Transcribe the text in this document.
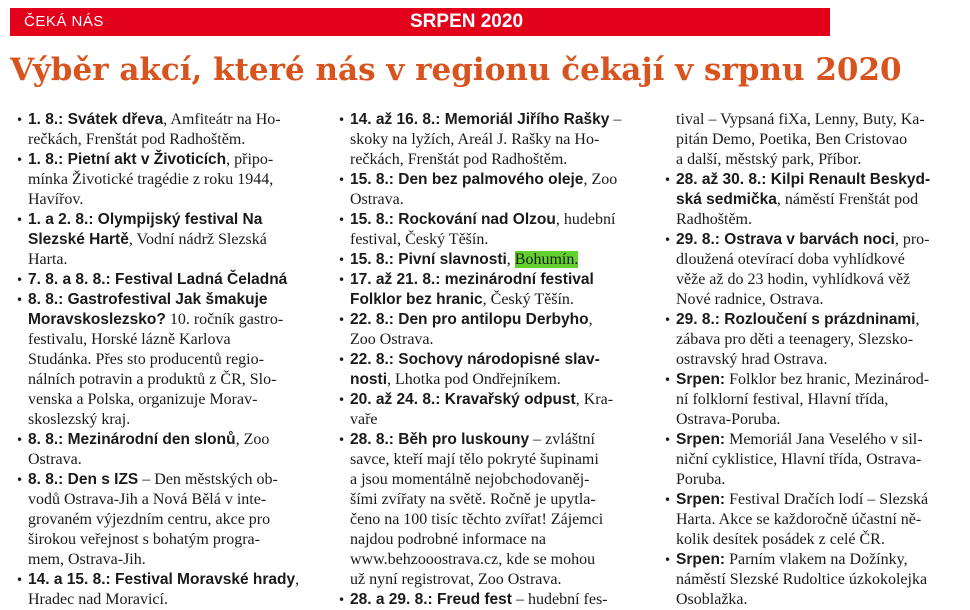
ČEKÁ NÁS	SRPEN 2020
Výběr akcí, které nás v regionu čekají v srpnu 2020
• 1. 8.: Svátek dřeva, Amfiteátr na Ho-
rečkách, Frenštát pod Radhoštěm.
• 1. 8.: Pietní akt v Životicích, připo-
mínka Životické tragédie z roku 1944,
Havířov.
• 1. a 2. 8.: Olympijský festival Na
Slezské Hartě, Vodní nádrž Slezská
Harta.
• 7. 8. a 8. 8.: Festival Ladná Čeladná
• 8. 8.: Gastrofestival Jak šmakuje
Moravskoslezsko? 10. ročník gastro-
festivalu, Horské lázně Karlova
Studánka. Přes sto producentů regio-
nálních potravin a produktů z ČR, Slo-
venska a Polska, organizuje Morav-
skoslezský kraj.
• 8. 8.: Mezinárodní den slonů, Zoo
Ostrava.
• 8. 8.: Den s IZS – Den městských ob-
vodů Ostrava-Jih a Nová Bělá v inte-
grovaném výjezdním centru, akce pro
širokou veřejnost s bohatým progra-
mem, Ostrava-Jih.
• 14. a 15. 8.: Festival Moravské hrady,
Hradec nad Moravicí.
• 14. až 16. 8.: Memoriál Jiřího Rašky –
skoky na lyžích, Areál J. Rašky na Ho-
rečkách, Frenštát pod Radhoštěm.
• 15. 8.: Den bez palmového oleje, Zoo
Ostrava.
• 15. 8.: Rockování nad Olzou, hudební
festival, Český Těšín.
• 15. 8.: Pivní slavnosti, Bohumín.
• 17. až 21. 8.: mezinárodní festival
Folklor bez hranic, Český Těšín.
• 22. 8.: Den pro antilopu Derbyho,
Zoo Ostrava.
• 22. 8.: Sochovy národopisné slav-
nosti, Lhotka pod Ondřejníkem.
• 20. až 24. 8.: Kravařský odpust, Kra-
vaře
• 28. 8.: Běh pro luskouny – zvláštní
savce, kteří mají tělo pokryté šupinami
a jsou momentálně nejobchodovaněj-
šími zvířaty na světě. Ročně je upytla-
čeno na 100 tisíc těchto zvířat! Zájemci
najdou podrobné informace na
www.behzooostrava.cz, kde se mohou
už nyní registrovat, Zoo Ostrava.
• 28. a 29. 8.: Freud fest – hudební fes-
tival – Vypsaná fiXa, Lenny, Buty, Ka-
pitán Demo, Poetika, Ben Cristovao
a další, městský park, Příbor.
• 28. až 30. 8.: Kilpi Renault Beskyd-
ská sedmička, náměstí Frenštát pod
Radhoštěm.
• 29. 8.: Ostrava v barvách noci, pro-
dloužená otevírací doba vyhlídkové
věže až do 23 hodin, vyhlídková věž
Nové radnice, Ostrava.
• 29. 8.: Rozloučení s prázdninami,
zábava pro děti a teenagery, Slezsko-
ostravský hrad Ostrava.
• Srpen: Folklor bez hranic, Mezinárod-
ní folklorní festival, Hlavní třída,
Ostrava-Poruba.
• Srpen: Memoriál Jana Veselého v sil-
niční cyklistice, Hlavní třída, Ostrava-
Poruba.
• Srpen: Festival Dračích lodí – Slezská
Harta. Akce se každoročně účastní ně-
kolik desítek posádek z celé ČR.
• Srpen: Parním vlakem na Dožínky,
náměstí Slezské Rudoltice úzkokolejka
Osoblažka.
